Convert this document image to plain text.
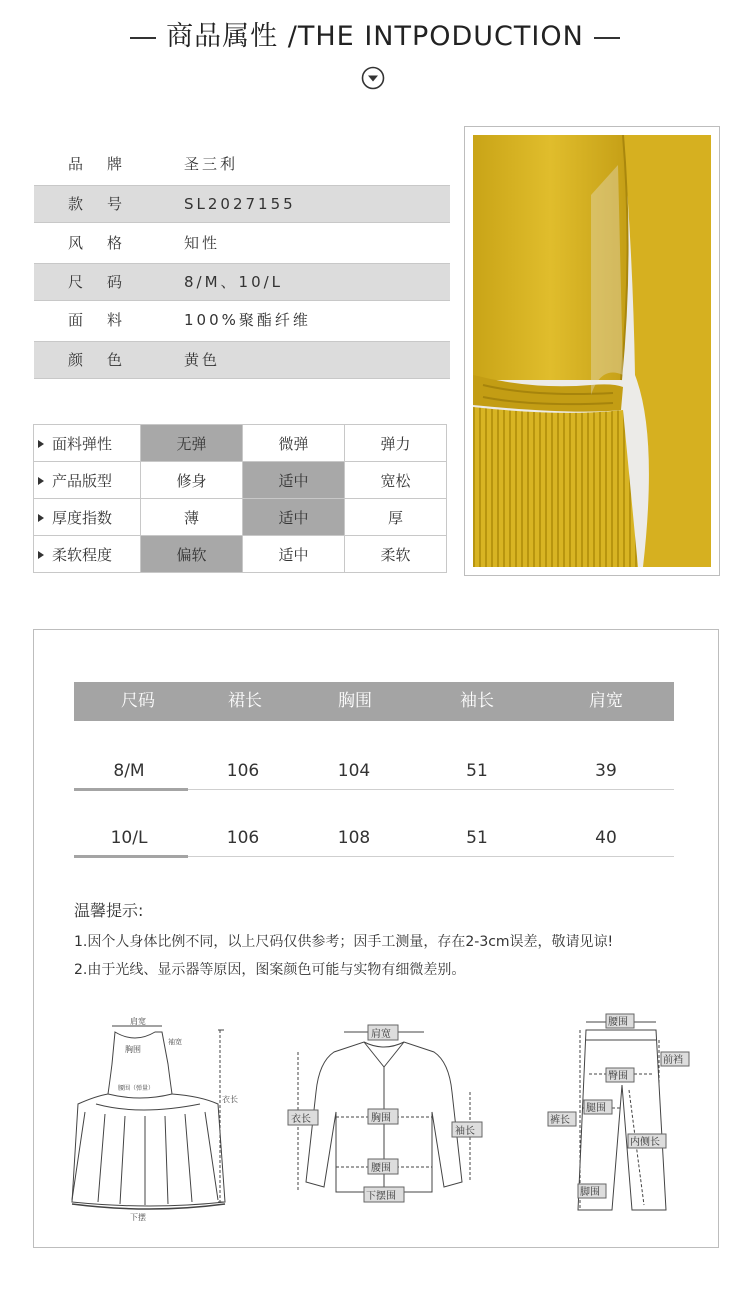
商品属性 /THE INTPODUCTION
品牌	圣三利
款号	SL2027155
风格	知性
尺码	8/M、10/L
面料	100%聚酯纤维
颜色	黄色
面料弹性	无弹	微弹	弹力
产品版型	修身	适中	宽松
厚度指数	薄	适中	厚
柔软程度	偏软	适中	柔软
尺码	裙长	胸围	袖长	肩宽
8/M	106	104	51	39
10/L	106	108	51	40
温馨提示:
1.因个人身体比例不同，以上尺码仅供参考；因手工测量，存在2-3cm误差，敬请见谅!
2.由于光线、显示器等原因，图案颜色可能与实物有细微差别。
肩宽
胸围
袖宽
腰围（弹量）
衣长
下摆
肩宽
衣长	胸围
袖长
腰围
下摆围
腰围
前裆
臀围
裤长
腿围
内侧长
脚围
